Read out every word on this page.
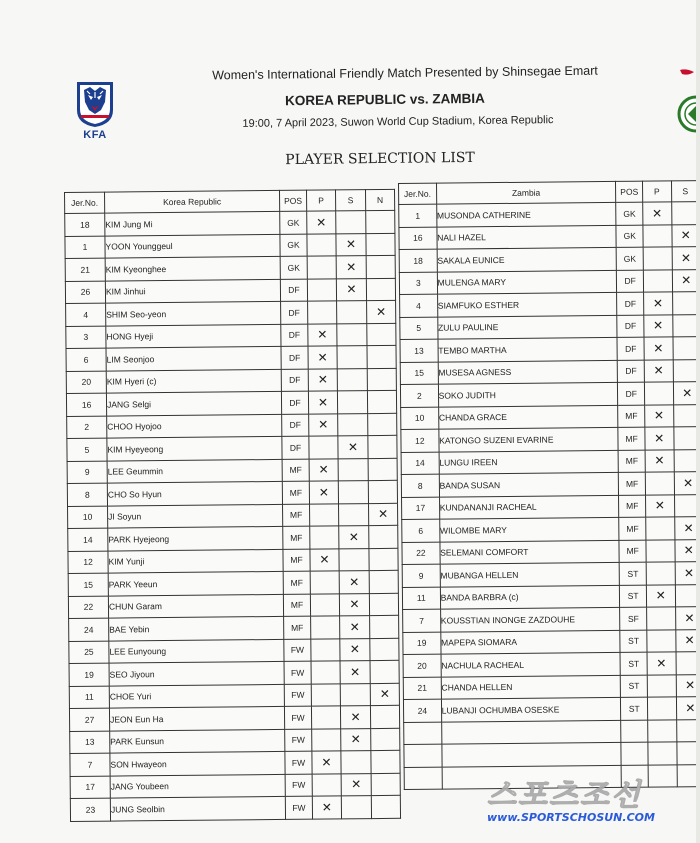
KFA
Women's International Friendly Match Presented by Shinsegae Emart
KOREA REPUBLIC vs. ZAMBIA
19:00, 7 April 2023, Suwon World Cup Stadium, Korea Republic
PLAYER SELECTION LIST
Jer.No.	Korea Republic	POS	P	S	N
18	KIM Jung Mi	GK	✕		
1	YOON Younggeul	GK		✕	
21	KIM Kyeonghee	GK		✕	
26	KIM Jinhui	DF		✕	
4	SHIM Seo-yeon	DF			✕
3	HONG Hyeji	DF	✕		
6	LIM Seonjoo	DF	✕		
20	KIM Hyeri (c)	DF	✕		
16	JANG Selgi	DF	✕		
2	CHOO Hyojoo	DF	✕		
5	KIM Hyeyeong	DF		✕	
9	LEE Geummin	MF	✕		
8	CHO So Hyun	MF	✕		
10	JI Soyun	MF			✕
14	PARK Hyejeong	MF		✕	
12	KIM Yunji	MF	✕		
15	PARK Yeeun	MF		✕	
22	CHUN Garam	MF		✕	
24	BAE Yebin	MF		✕	
25	LEE Eunyoung	FW		✕	
19	SEO Jiyoun	FW		✕	
11	CHOE Yuri	FW			✕
27	JEON Eun Ha	FW		✕	
13	PARK Eunsun	FW		✕	
7	SON Hwayeon	FW	✕		
17	JANG Youbeen	FW		✕	
23	JUNG Seolbin	FW	✕		
Jer.No.	Zambia	POS	P	S
1	MUSONDA CATHERINE	GK	✕	
16	NALI HAZEL	GK		✕
18	SAKALA EUNICE	GK		✕
3	MULENGA MARY	DF		✕
4	SIAMFUKO ESTHER	DF	✕	
5	ZULU PAULINE	DF	✕	
13	TEMBO MARTHA	DF	✕	
15	MUSESA AGNESS	DF	✕	
2	SOKO JUDITH	DF		✕
10	CHANDA GRACE	MF	✕	
12	KATONGO SUZENI EVARINE	MF	✕	
14	LUNGU IREEN	MF	✕	
8	BANDA SUSAN	MF		✕
17	KUNDANANJI RACHEAL	MF	✕	
6	WILOMBE MARY	MF		✕
22	SELEMANI COMFORT	MF		✕
9	MUBANGA HELLEN	ST		✕
11	BANDA BARBRA (c)	ST	✕	
7	KOUSSTIAN INONGE ZAZDOUHE	SF		✕
19	MAPEPA SIOMARA	ST		✕
20	NACHULA RACHEAL	ST	✕	
21	CHANDA HELLEN	ST		✕
24	LUBANJI OCHUMBA OSESKE	ST		✕

스포츠조선
www.SPORTSCHOSUN.COM
